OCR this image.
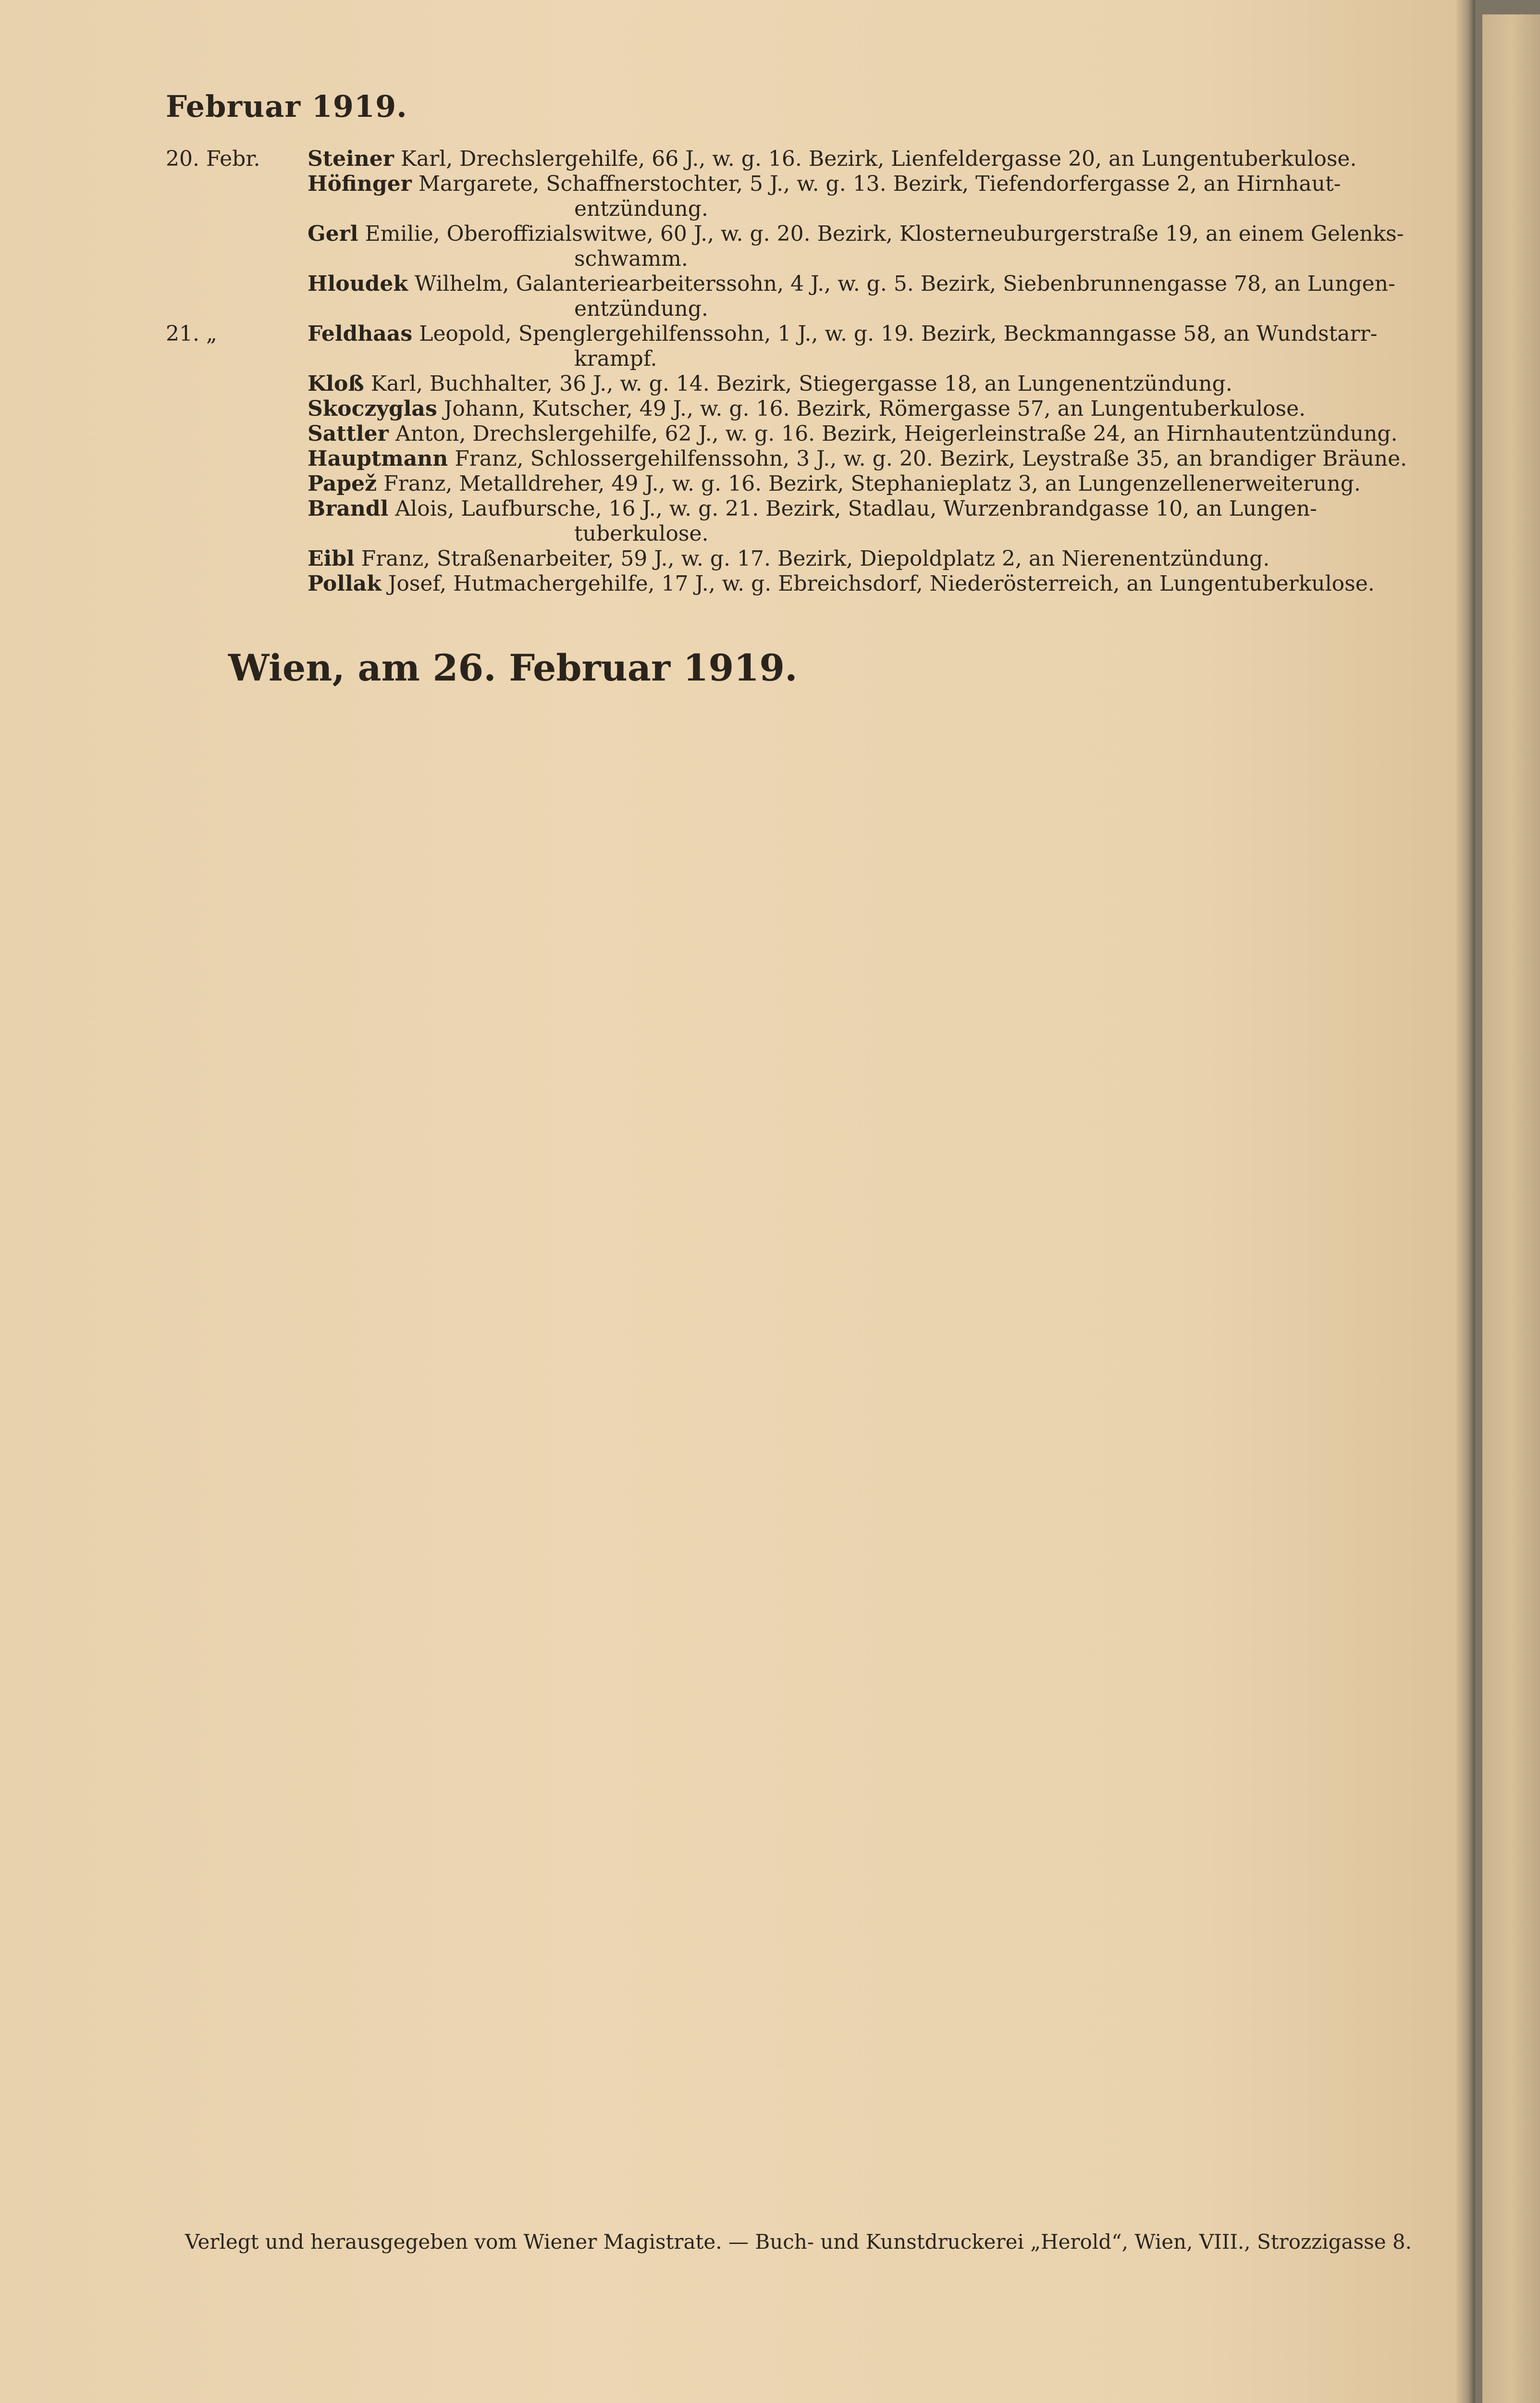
Februar 1919.
20. Febr.	Steiner Karl, Drechslergehilfe, 66 J., w. g. 16. Bezirk, Lienfeldergasse 20, an Lungentuberkulose.
Höfinger Margarete, Schaffnerstochter, 5 J., w. g. 13. Bezirk, Tiefendorfergasse 2, an Hirnhaut-
entzündung.
Gerl Emilie, Oberoffizialswitwe, 60 J., w. g. 20. Bezirk, Klosterneuburgerstraße 19, an einem Gelenks-
schwamm.
Hloudek Wilhelm, Galanteriearbeiterssohn, 4 J., w. g. 5. Bezirk, Siebenbrunnengasse 78, an Lungen-
entzündung.
21. „	Feldhaas Leopold, Spenglergehilfenssohn, 1 J., w. g. 19. Bezirk, Beckmanngasse 58, an Wundstarr-
krampf.
Kloß Karl, Buchhalter, 36 J., w. g. 14. Bezirk, Stiegergasse 18, an Lungenentzündung.
Skoczyglas Johann, Kutscher, 49 J., w. g. 16. Bezirk, Römergasse 57, an Lungentuberkulose.
Sattler Anton, Drechslergehilfe, 62 J., w. g. 16. Bezirk, Heigerleinstraße 24, an Hirnhautentzündung.
Hauptmann Franz, Schlossergehilfenssohn, 3 J., w. g. 20. Bezirk, Leystraße 35, an brandiger Bräune.
Papež Franz, Metalldreher, 49 J., w. g. 16. Bezirk, Stephanieplatz 3, an Lungenzellenerweiterung.
Brandl Alois, Laufbursche, 16 J., w. g. 21. Bezirk, Stadlau, Wurzenbrandgasse 10, an Lungen-
tuberkulose.
Eibl Franz, Straßenarbeiter, 59 J., w. g. 17. Bezirk, Diepoldplatz 2, an Nierenentzündung.
Pollak Josef, Hutmachergehilfe, 17 J., w. g. Ebreichsdorf, Niederösterreich, an Lungentuberkulose.
Wien, am 26. Februar 1919.
Verlegt und herausgegeben vom Wiener Magistrate. — Buch- und Kunstdruckerei „Herold“, Wien, VIII., Strozzigasse 8.
